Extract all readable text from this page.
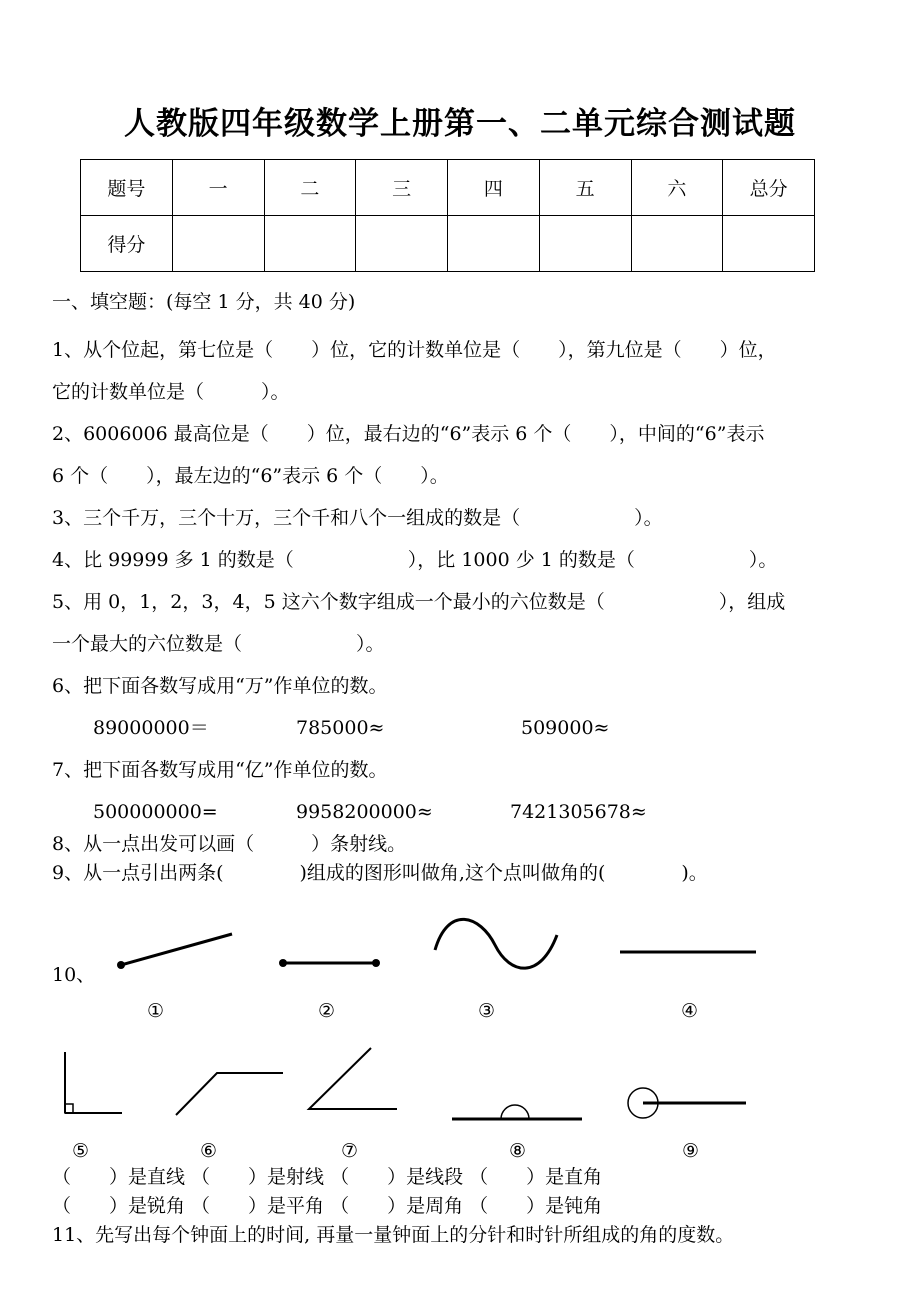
人教版四年级数学上册第一、二单元综合测试题
题号	一	二	三	四	五	六	总分
得分							
一、填空题：(每空 1 分，共 40 分)
1、从个位起，第七位是（　　）位，它的计数单位是（　　），第九位是（　　）位，
它的计数单位是（　　　）。
2、6006006 最高位是（　　）位，最右边的“6”表示 6 个（　　），中间的“6”表示
6 个（　　），最左边的“6”表示 6 个（　　）。
3、三个千万，三个十万，三个千和八个一组成的数是（　　　　　　）。
4、比 99999 多 1 的数是（　　　　　　），比 1000 少 1 的数是（　　　　　　）。
5、用 0，1，2，3，4，5 这六个数字组成一个最小的六位数是（　　　　　　），组成
一个最大的六位数是（　　　　　　）。
6、把下面各数写成用“万”作单位的数。
89000000＝	785000≈	509000≈
7、把下面各数写成用“亿”作单位的数。
500000000=	9958200000≈	7421305678≈
8、从一点出发可以画（　　　）条射线。
9、从一点引出两条(　　　　)组成的图形叫做角,这个点叫做角的(　　　　)。
10、
①	②	③	④
⑤	⑥	⑦	⑧	⑨
（　　）是直线 （　　）是射线 （　　）是线段 （　　）是直角
（　　）是锐角 （　　）是平角 （　　）是周角 （　　）是钝角
11、先写出每个钟面上的时间, 再量一量钟面上的分针和时针所组成的角的度数。
